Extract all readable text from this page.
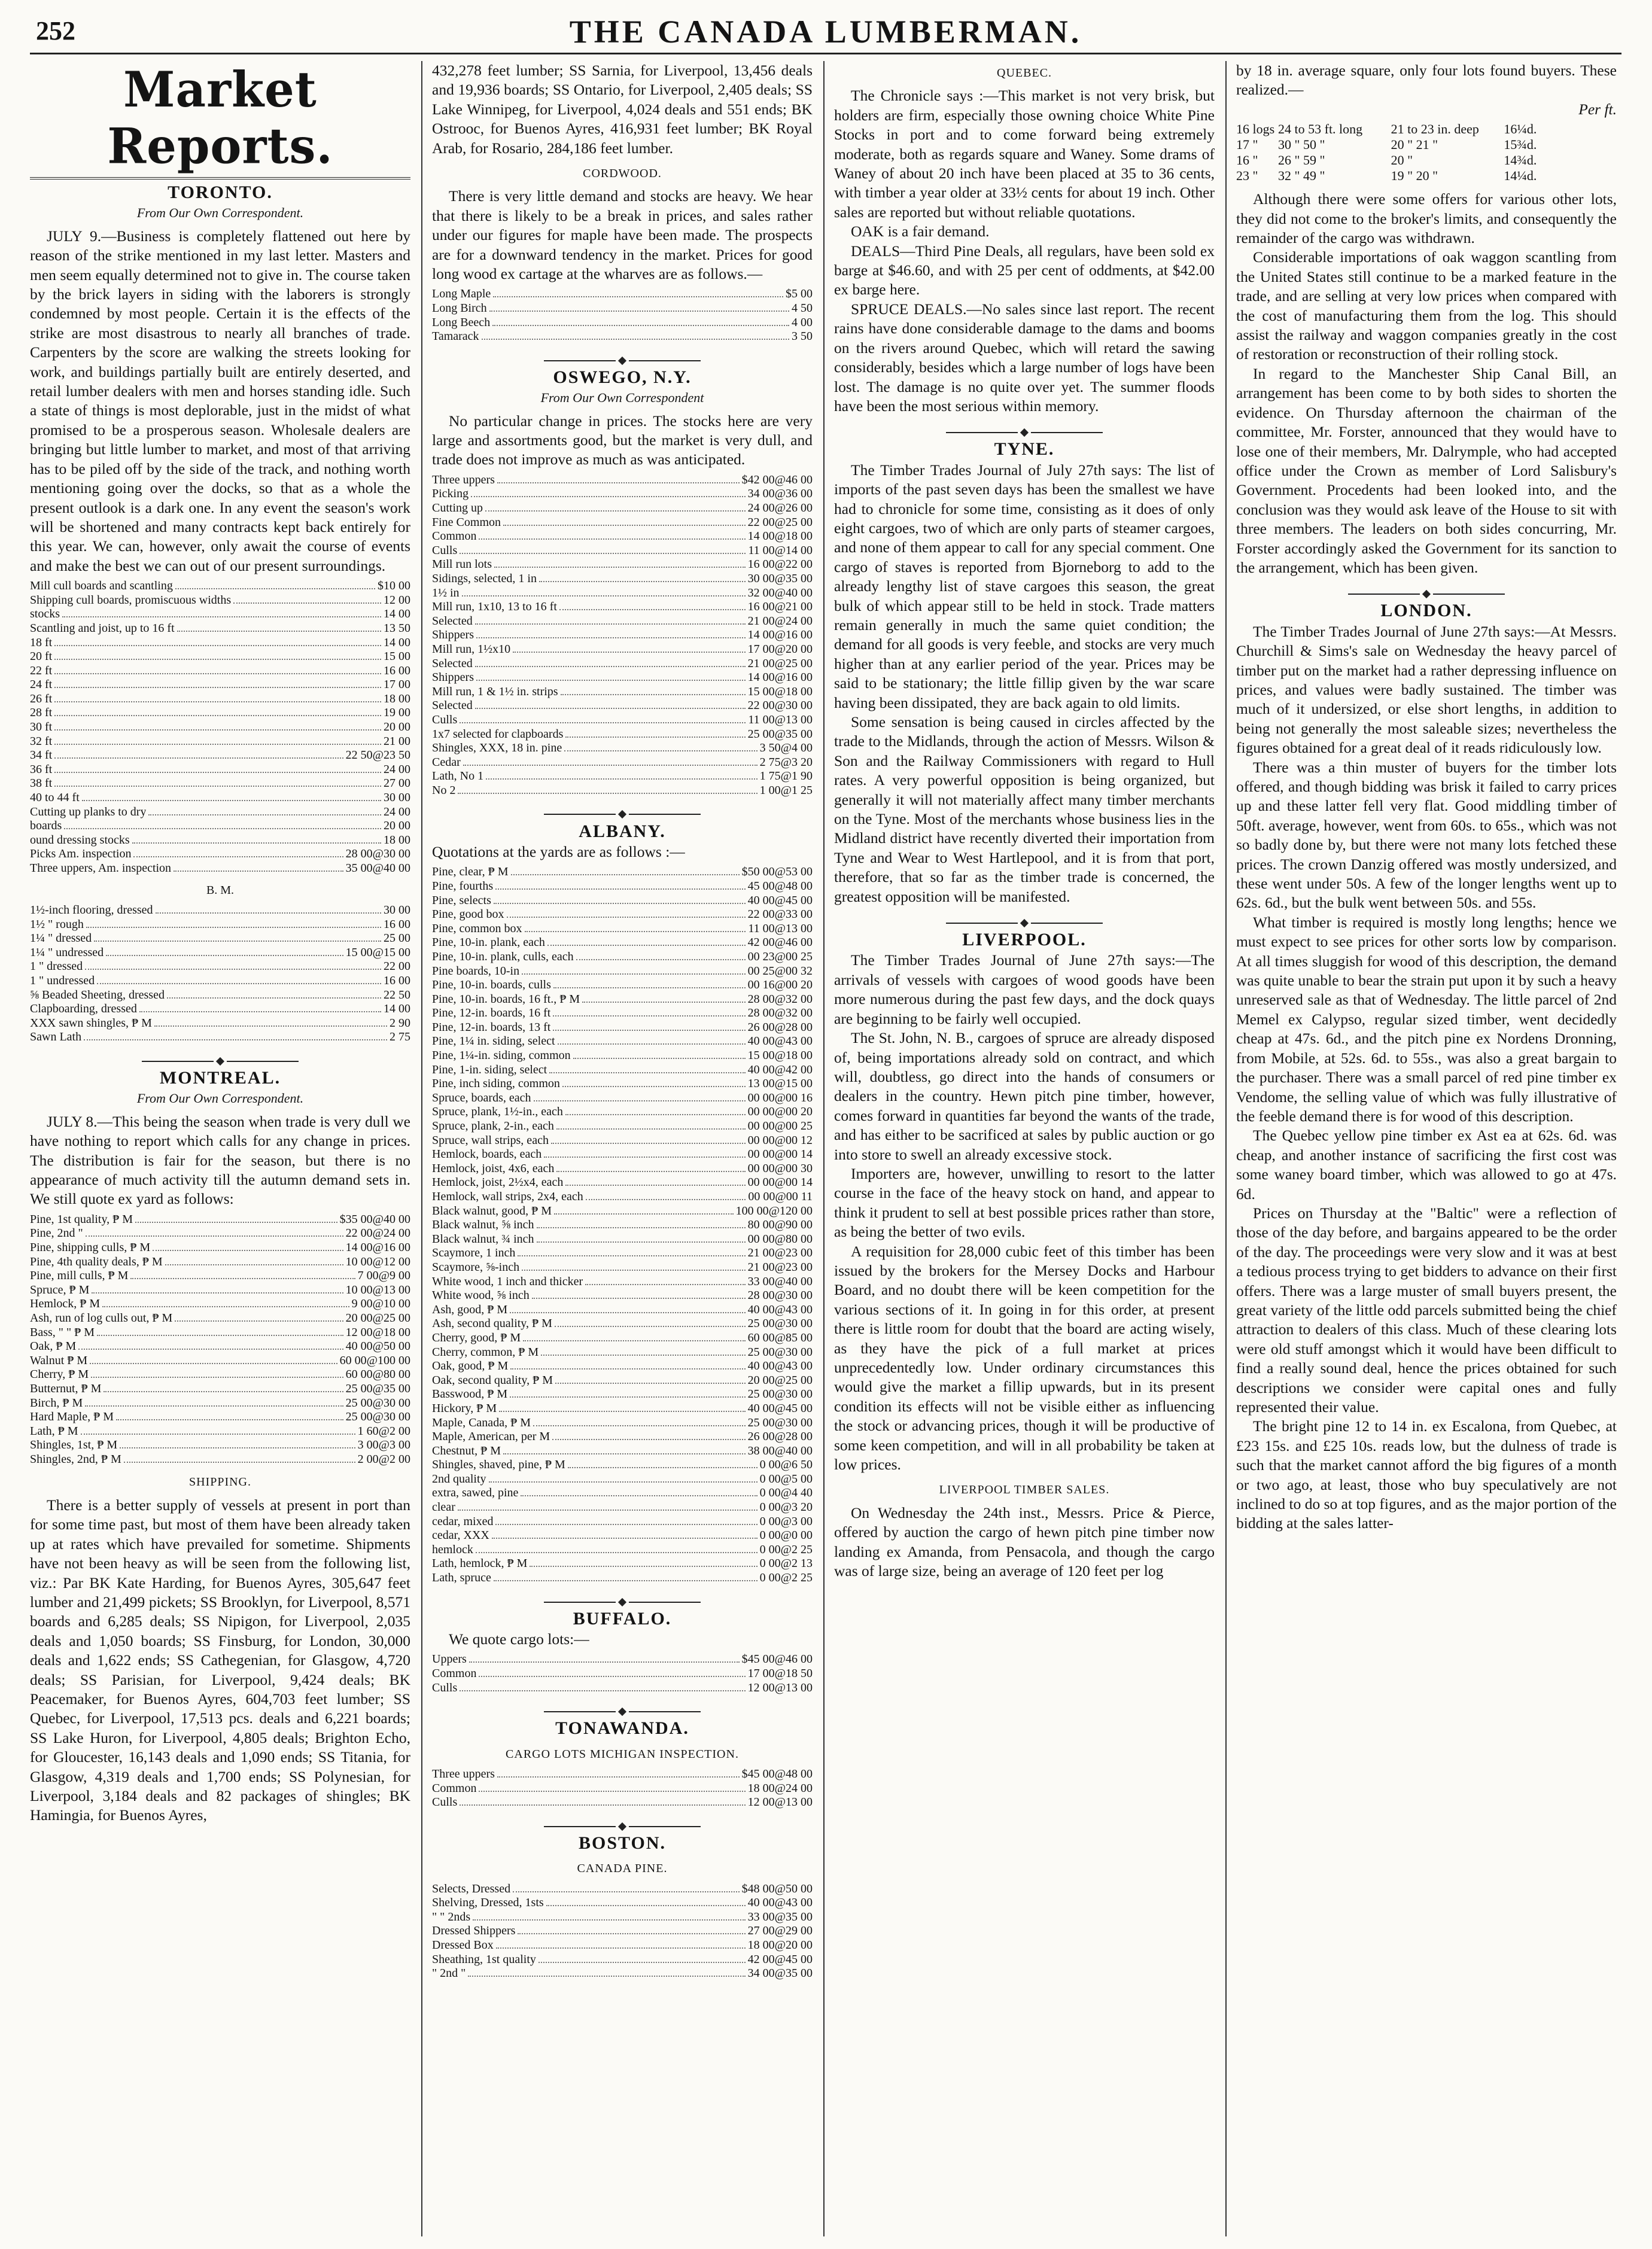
252	THE CANADA LUMBERMAN.
Market Reports.
TORONTO.
From Our Own Correspondent.

JULY 9.—Business is completely flattened out here by reason of the strike mentioned in my last letter. Masters and men seem equally determined not to give in. The course taken by the brick layers in siding with the laborers is strongly condemned by most people. Certain it is the effects of the strike are most disastrous to nearly all branches of trade. Carpenters by the score are walking the streets looking for work, and buildings partially built are entirely deserted, and retail lumber dealers with men and horses standing idle. Such a state of things is most deplorable, just in the midst of what promised to be a prosperous season. Wholesale dealers are bringing but little lumber to market, and most of that arriving has to be piled off by the side of the track, and nothing worth mentioning going over the docks, so that as a whole the present outlook is a dark one. In any event the season's work will be shortened and many contracts kept back entirely for this year. We can, however, only await the course of events and make the best we can out of our present surroundings.

Mill cull boards and scantling	$10 00
Shipping cull boards, promiscuous widths	12 00
stocks	14 00
Scantling and joist, up to 16 ft	13 50
18 ft	14 00
20 ft	15 00
22 ft	16 00
24 ft	17 00
26 ft	18 00
28 ft	19 00
30 ft	20 00
32 ft	21 00
34 ft	22 50@23 50
36 ft	24 00
38 ft	27 00
40 to 44 ft	30 00
Cutting up planks to dry	24 00
boards	20 00
ound dressing stocks	18 00
Picks Am. inspection	28 00@30 00
Three uppers, Am. inspection	35 00@40 00
B. M.
1½-inch flooring, dressed	30 00
1½ " rough	16 00
1¼ " dressed	25 00
1¼ " undressed	15 00@15 00
1 " dressed	22 00
1 " undressed	16 00
⅝ Beaded Sheeting, dressed	22 50
Clapboarding, dressed	14 00
XXX sawn shingles, ₱ M	2 90
Sawn Lath	2 75
MONTREAL.
From Our Own Correspondent.

JULY 8.—This being the season when trade is very dull we have nothing to report which calls for any change in prices. The distribution is fair for the season, but there is no appearance of much activity till the autumn demand sets in. We still quote ex yard as follows:

Pine, 1st quality, ₱ M	$35 00@40 00
Pine, 2nd "	22 00@24 00
Pine, shipping culls, ₱ M	14 00@16 00
Pine, 4th quality deals, ₱ M	10 00@12 00
Pine, mill culls, ₱ M	7 00@9 00
Spruce, ₱ M	10 00@13 00
Hemlock, ₱ M	9 00@10 00
Ash, run of log culls out, ₱ M	20 00@25 00
Bass, " " ₱ M	12 00@18 00
Oak, ₱ M	40 00@50 00
Walnut ₱ M	60 00@100 00
Cherry, ₱ M	60 00@80 00
Butternut, ₱ M	25 00@35 00
Birch, ₱ M	25 00@30 00
Hard Maple, ₱ M	25 00@30 00
Lath, ₱ M	1 60@2 00
Shingles, 1st, ₱ M	3 00@3 00
Shingles, 2nd, ₱ M	2 00@2 00
SHIPPING.

There is a better supply of vessels at present in port than for some time past, but most of them have been already taken up at rates which have prevailed for sometime. Shipments have not been heavy as will be seen from the following list, viz.: Par BK Kate Harding, for Buenos Ayres, 305,647 feet lumber and 21,499 pickets; SS Brooklyn, for Liverpool, 8,571 boards and 6,285 deals; SS Nipigon, for Liverpool, 2,035 deals and 1,050 boards; SS Finsburg, for London, 30,000 deals and 1,622 ends; SS Cathegenian, for Glasgow, 4,720 deals; SS Parisian, for Liverpool, 9,424 deals; BK Peacemaker, for Buenos Ayres, 604,703 feet lumber; SS Quebec, for Liverpool, 17,513 pcs. deals and 6,221 boards; SS Lake Huron, for Liverpool, 4,805 deals; Brighton Echo, for Gloucester, 16,143 deals and 1,090 ends; SS Titania, for Glasgow, 4,319 deals and 1,700 ends; SS Polynesian, for Liverpool, 3,184 deals and 82 packages of shingles; BK Hamingia, for Buenos Ayres,

432,278 feet lumber; SS Sarnia, for Liverpool, 13,456 deals and 19,936 boards; SS Ontario, for Liverpool, 2,405 deals; SS Lake Winnipeg, for Liverpool, 4,024 deals and 551 ends; BK Ostrooc, for Buenos Ayres, 416,931 feet lumber; BK Royal Arab, for Rosario, 284,186 feet lumber.

CORDWOOD.

There is very little demand and stocks are heavy. We hear that there is likely to be a break in prices, and sales rather under our figures for maple have been made. The prospects are for a downward tendency in the market. Prices for good long wood ex cartage at the wharves are as follows.—

Long Maple	$5 00
Long Birch	4 50
Long Beech	4 00
Tamarack	3 50
OSWEGO, N.Y.
From Our Own Correspondent

No particular change in prices. The stocks here are very large and assortments good, but the market is very dull, and trade does not improve as much as was anticipated.

Three uppers	$42 00@46 00
Picking	34 00@36 00
Cutting up	24 00@26 00
Fine Common	22 00@25 00
Common	14 00@18 00
Culls	11 00@14 00
Mill run lots	16 00@22 00
Sidings, selected, 1 in	30 00@35 00
1½ in	32 00@40 00
Mill run, 1x10, 13 to 16 ft	16 00@21 00
Selected	21 00@24 00
Shippers	14 00@16 00
Mill run, 1½x10	17 00@20 00
Selected	21 00@25 00
Shippers	14 00@16 00
Mill run, 1 & 1½ in. strips	15 00@18 00
Selected	22 00@30 00
Culls	11 00@13 00
1x7 selected for clapboards	25 00@35 00
Shingles, XXX, 18 in. pine	3 50@4 00
Cedar	2 75@3 20
Lath, No 1	1 75@1 90
No 2	1 00@1 25
ALBANY.

Quotations at the yards are as follows :—

Pine, clear, ₱ M	$50 00@53 00
Pine, fourths	45 00@48 00
Pine, selects	40 00@45 00
Pine, good box	22 00@33 00
Pine, common box	11 00@13 00
Pine, 10-in. plank, each	42 00@46 00
Pine, 10-in. plank, culls, each	00 23@00 25
Pine boards, 10-in	00 25@00 32
Pine, 10-in. boards, culls	00 16@00 20
Pine, 10-in. boards, 16 ft., ₱ M	28 00@32 00
Pine, 12-in. boards, 16 ft	28 00@32 00
Pine, 12-in. boards, 13 ft	26 00@28 00
Pine, 1¼ in. siding, select	40 00@43 00
Pine, 1¼-in. siding, common	15 00@18 00
Pine, 1-in. siding, select	40 00@42 00
Pine, inch siding, common	13 00@15 00
Spruce, boards, each	00 00@00 16
Spruce, plank, 1½-in., each	00 00@00 20
Spruce, plank, 2-in., each	00 00@00 25
Spruce, wall strips, each	00 00@00 12
Hemlock, boards, each	00 00@00 14
Hemlock, joist, 4x6, each	00 00@00 30
Hemlock, joist, 2½x4, each	00 00@00 14
Hemlock, wall strips, 2x4, each	00 00@00 11
Black walnut, good, ₱ M	100 00@120 00
Black walnut, ⅝ inch	80 00@90 00
Black walnut, ¾ inch	00 00@80 00
Scaymore, 1 inch	21 00@23 00
Scaymore, ⅝-inch	21 00@23 00
White wood, 1 inch and thicker	33 00@40 00
White wood, ⅝ inch	28 00@30 00
Ash, good, ₱ M	40 00@43 00
Ash, second quality, ₱ M	25 00@30 00
Cherry, good, ₱ M	60 00@85 00
Cherry, common, ₱ M	25 00@30 00
Oak, good, ₱ M	40 00@43 00
Oak, second quality, ₱ M	20 00@25 00
Basswood, ₱ M	25 00@30 00
Hickory, ₱ M	40 00@45 00
Maple, Canada, ₱ M	25 00@30 00
Maple, American, per M	26 00@28 00
Chestnut, ₱ M	38 00@40 00
Shingles, shaved, pine, ₱ M	0 00@6 50
2nd quality	0 00@5 00
extra, sawed, pine	0 00@4 40
clear	0 00@3 20
cedar, mixed	0 00@3 00
cedar, XXX	0 00@0 00
hemlock	0 00@2 25
Lath, hemlock, ₱ M	0 00@2 13
Lath, spruce	0 00@2 25
BUFFALO.

We quote cargo lots:—

Uppers	$45 00@46 00
Common	17 00@18 50
Culls	12 00@13 00
TONAWANDA.
CARGO LOTS MICHIGAN INSPECTION.
Three uppers	$45 00@48 00
Common	18 00@24 00
Culls	12 00@13 00
BOSTON.
CANADA PINE.
Selects, Dressed	$48 00@50 00
Shelving, Dressed, 1sts	40 00@43 00
" " 2nds	33 00@35 00
Dressed Shippers	27 00@29 00
Dressed Box	18 00@20 00
Sheathing, 1st quality	42 00@45 00
" 2nd "	34 00@35 00
QUEBEC.

The Chronicle says :—This market is not very brisk, but holders are firm, especially those owning choice White Pine Stocks in port and to come forward being extremely moderate, both as regards square and Waney. Some drams of Waney of about 20 inch have been placed at 35 to 36 cents, with timber a year older at 33½ cents for about 19 inch. Other sales are reported but without reliable quotations.

OAK is a fair demand.

DEALS—Third Pine Deals, all regulars, have been sold ex barge at $46.60, and with 25 per cent of oddments, at $42.00 ex barge here.

SPRUCE DEALS.—No sales since last report. The recent rains have done considerable damage to the dams and booms on the rivers around Quebec, which will retard the sawing considerably, besides which a large number of logs have been lost. The damage is no quite over yet. The summer floods have been the most serious within memory.

TYNE.

The Timber Trades Journal of July 27th says: The list of imports of the past seven days has been the smallest we have had to chronicle for some time, consisting as it does of only eight cargoes, two of which are only parts of steamer cargoes, and none of them appear to call for any special comment. One cargo of staves is reported from Bjorneborg to add to the already lengthy list of stave cargoes this season, the great bulk of which appear still to be held in stock. Trade matters remain generally in much the same quiet condition; the demand for all goods is very feeble, and stocks are very much higher than at any earlier period of the year. Prices may be said to be stationary; the little fillip given by the war scare having been dissipated, they are back again to old limits.

Some sensation is being caused in circles affected by the trade to the Midlands, through the action of Messrs. Wilson & Son and the Railway Commissioners with regard to Hull rates. A very powerful opposition is being organized, but generally it will not materially affect many timber merchants on the Tyne. Most of the merchants whose business lies in the Midland district have recently diverted their importation from Tyne and Wear to West Hartlepool, and it is from that port, therefore, that so far as the timber trade is concerned, the greatest opposition will be manifested.

LIVERPOOL.

The Timber Trades Journal of June 27th says:—The arrivals of vessels with cargoes of wood goods have been more numerous during the past few days, and the dock quays are beginning to be fairly well occupied.

The St. John, N. B., cargoes of spruce are already disposed of, being importations already sold on contract, and which will, doubtless, go direct into the hands of consumers or dealers in the country. Hewn pitch pine timber, however, comes forward in quantities far beyond the wants of the trade, and has either to be sacrificed at sales by public auction or go into store to swell an already excessive stock.

Importers are, however, unwilling to resort to the latter course in the face of the heavy stock on hand, and appear to think it prudent to sell at best possible prices rather than store, as being the better of two evils.

A requisition for 28,000 cubic feet of this timber has been issued by the brokers for the Mersey Docks and Harbour Board, and no doubt there will be keen competition for the various sections of it. In going in for this order, at present there is little room for doubt that the board are acting wisely, as they have the pick of a full market at prices unprecedentedly low. Under ordinary circumstances this would give the market a fillip upwards, but in its present condition its effects will not be visible either as influencing the stock or advancing prices, though it will be productive of some keen competition, and will in all probability be taken at low prices.

LIVERPOOL TIMBER SALES.

On Wednesday the 24th inst., Messrs. Price & Pierce, offered by auction the cargo of hewn pitch pine timber now landing ex Amanda, from Pensacola, and though the cargo was of large size, being an average of 120 feet per log

by 18 in. average square, only four lots found buyers. These realized.—

Per ft.
16 logs 24 to 53 ft. long	21 to 23 in. deep	16¼d.
17 "	30 " 50 "	20 " 21 "	15¾d.
16 "	26 " 59 "	20 "	14¾d.
23 "	32 " 49 "	19 " 20 "	14¼d.

Although there were some offers for various other lots, they did not come to the broker's limits, and consequently the remainder of the cargo was withdrawn.

Considerable importations of oak waggon scantling from the United States still continue to be a marked feature in the trade, and are selling at very low prices when compared with the cost of manufacturing them from the log. This should assist the railway and waggon companies greatly in the cost of restoration or reconstruction of their rolling stock.

In regard to the Manchester Ship Canal Bill, an arrangement has been come to by both sides to shorten the evidence. On Thursday afternoon the chairman of the committee, Mr. Forster, announced that they would have to lose one of their members, Mr. Dalrymple, who had accepted office under the Crown as member of Lord Salisbury's Government. Procedents had been looked into, and the conclusion was they would ask leave of the House to sit with three members. The leaders on both sides concurring, Mr. Forster accordingly asked the Government for its sanction to the arrangement, which has been given.

LONDON.

The Timber Trades Journal of June 27th says:—At Messrs. Churchill & Sims's sale on Wednesday the heavy parcel of timber put on the market had a rather depressing influence on prices, and values were badly sustained. The timber was much of it undersized, or else short lengths, in addition to being not generally the most saleable sizes; nevertheless the figures obtained for a great deal of it reads ridiculously low.

There was a thin muster of buyers for the timber lots offered, and though bidding was brisk it failed to carry prices up and these latter fell very flat. Good middling timber of 50ft. average, however, went from 60s. to 65s., which was not so badly done by, but there were not many lots fetched these prices. The crown Danzig offered was mostly undersized, and these went under 50s. A few of the longer lengths went up to 62s. 6d., but the bulk went between 50s. and 55s.

What timber is required is mostly long lengths; hence we must expect to see prices for other sorts low by comparison. At all times sluggish for wood of this description, the demand was quite unable to bear the strain put upon it by such a heavy unreserved sale as that of Wednesday. The little parcel of 2nd Memel ex Calypso, regular sized timber, went decidedly cheap at 47s. 6d., and the pitch pine ex Nordens Dronning, from Mobile, at 52s. 6d. to 55s., was also a great bargain to the purchaser. There was a small parcel of red pine timber ex Vendome, the selling value of which was fully illustrative of the feeble demand there is for wood of this description.

The Quebec yellow pine timber ex Ast ea at 62s. 6d. was cheap, and another instance of sacrificing the first cost was some waney board timber, which was allowed to go at 47s. 6d.

Prices on Thursday at the "Baltic" were a reflection of those of the day before, and bargains appeared to be the order of the day. The proceedings were very slow and it was at best a tedious process trying to get bidders to advance on their first offers. There was a large muster of small buyers present, the great variety of the little odd parcels submitted being the chief attraction to dealers of this class. Much of these clearing lots were old stuff amongst which it would have been difficult to find a really sound deal, hence the prices obtained for such descriptions we consider were capital ones and fully represented their value.

The bright pine 12 to 14 in. ex Escalona, from Quebec, at £23 15s. and £25 10s. reads low, but the dulness of trade is such that the market cannot afford the big figures of a month or two ago, at least, those who buy speculatively are not inclined to do so at top figures, and as the major portion of the bidding at the sales latter-
